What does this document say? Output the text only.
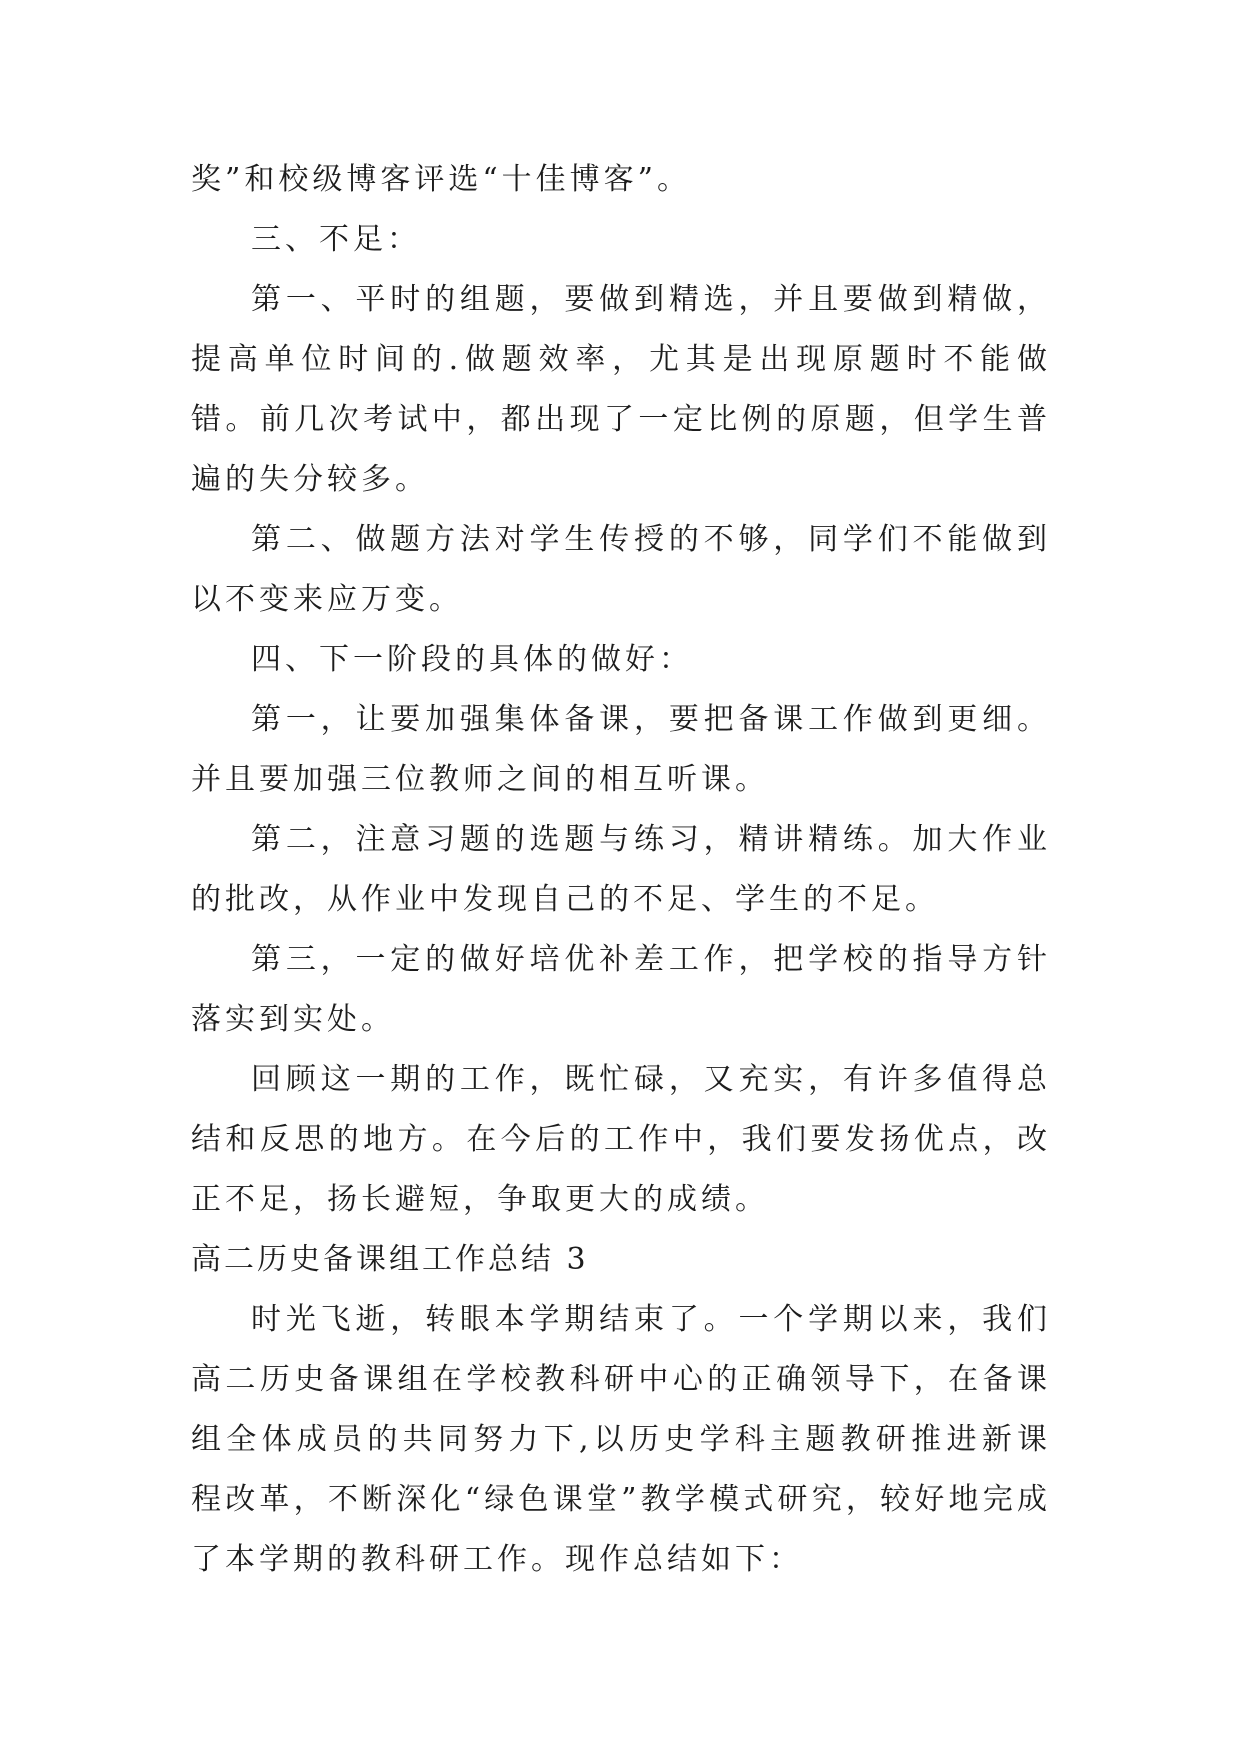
奖”和校级博客评选“十佳博客”。

三、不足：

第一、平时的组题，要做到精选，并且要做到精做，提高单位时间的.做题效率，尤其是出现原题时不能做错。前几次考试中，都出现了一定比例的原题，但学生普遍的失分较多。

第二、做题方法对学生传授的不够，同学们不能做到以不变来应万变。

四、下一阶段的具体的做好：

第一，让要加强集体备课，要把备课工作做到更细。并且要加强三位教师之间的相互听课。

第二，注意习题的选题与练习，精讲精练。加大作业的批改，从作业中发现自己的不足、学生的不足。

第三，一定的做好培优补差工作，把学校的指导方针落实到实处。

回顾这一期的工作，既忙碌，又充实，有许多值得总结和反思的地方。在今后的工作中，我们要发扬优点，改正不足，扬长避短，争取更大的成绩。

高二历史备课组工作总结 3

时光飞逝，转眼本学期结束了。一个学期以来，我们高二历史备课组在学校教科研中心的正确领导下，在备课组全体成员的共同努力下,以历史学科主题教研推进新课程改革，不断深化“绿色课堂”教学模式研究，较好地完成了本学期的教科研工作。现作总结如下：
